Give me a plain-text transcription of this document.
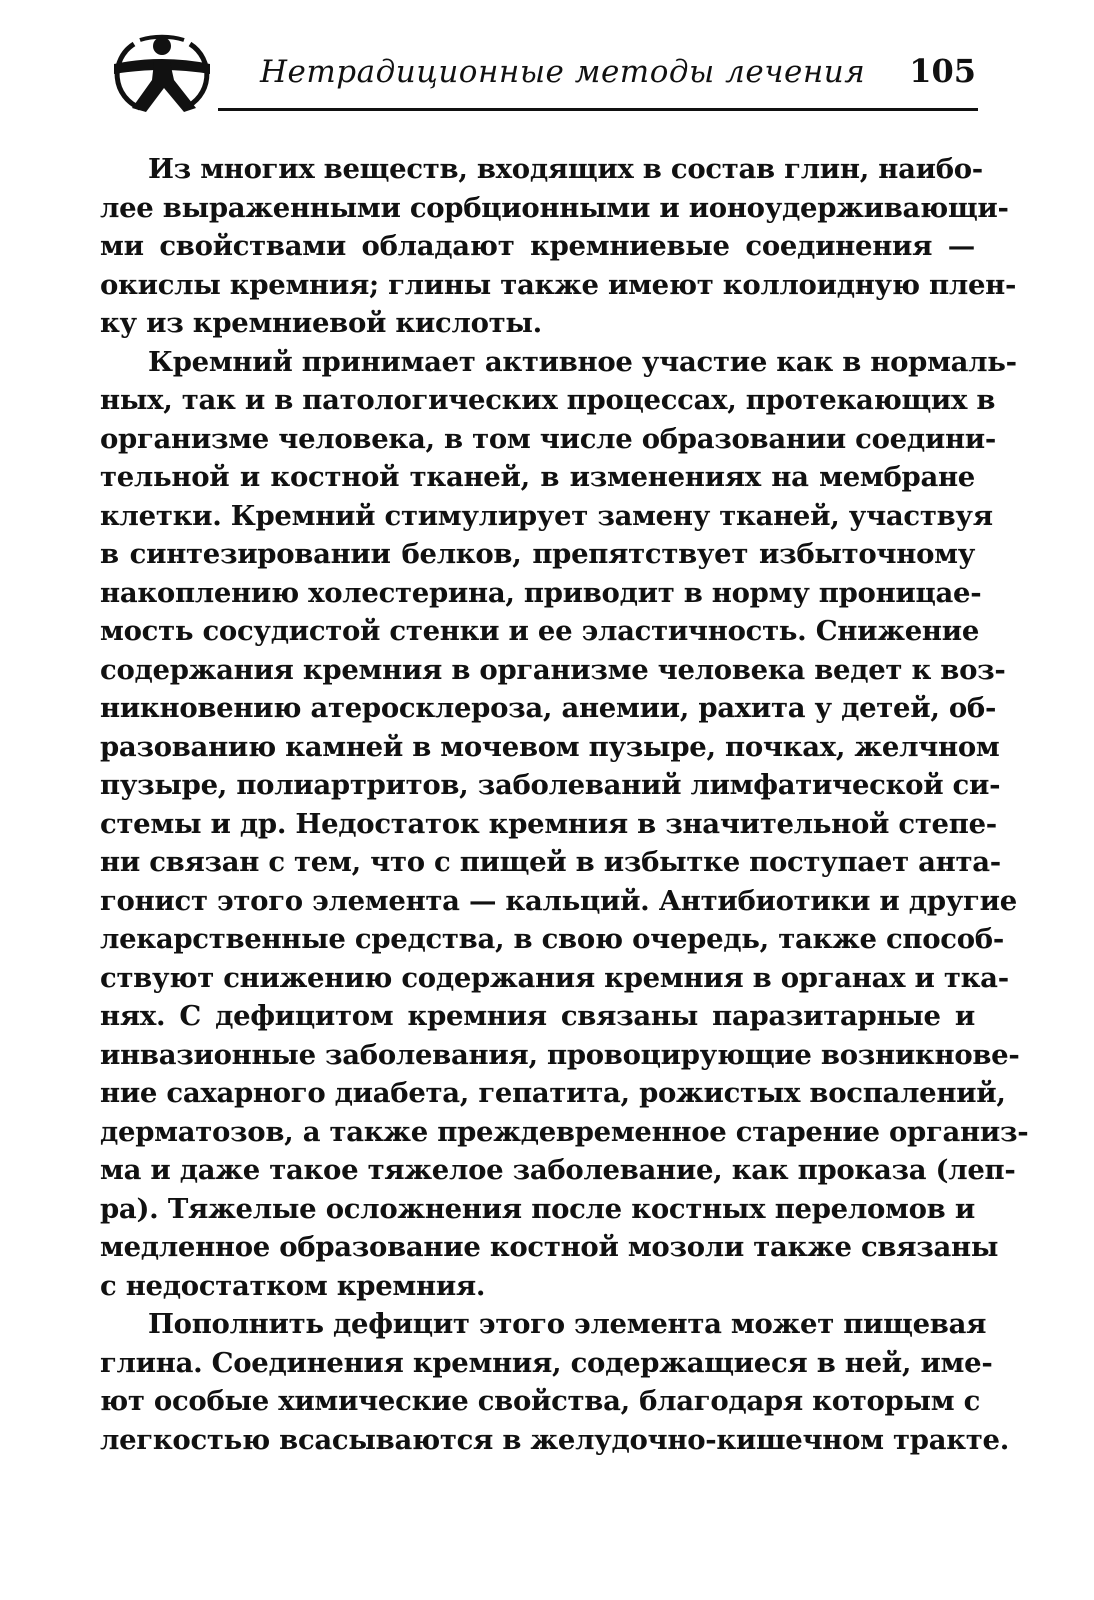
Нетрадиционные методы лечения 105
Из многих веществ, входящих в состав глин, наибо-
лее выраженными сорбционными и ионоудерживающи-
ми свойствами обладают кремниевые соединения —
окислы кремния; глины также имеют коллоидную плен-
ку из кремниевой кислоты.
Кремний принимает активное участие как в нормаль-
ных, так и в патологических процессах, протекающих в
организме человека, в том числе образовании соедини-
тельной и костной тканей, в изменениях на мембране
клетки. Кремний стимулирует замену тканей, участвуя
в синтезировании белков, препятствует избыточному
накоплению холестерина, приводит в норму проницае-
мость сосудистой стенки и ее эластичность. Снижение
содержания кремния в организме человека ведет к воз-
никновению атеросклероза, анемии, рахита у детей, об-
разованию камней в мочевом пузыре, почках, желчном
пузыре, полиартритов, заболеваний лимфатической си-
стемы и др. Недостаток кремния в значительной степе-
ни связан с тем, что с пищей в избытке поступает анта-
гонист этого элемента — кальций. Антибиотики и другие
лекарственные средства, в свою очередь, также способ-
ствуют снижению содержания кремния в органах и тка-
нях. С дефицитом кремния связаны паразитарные и
инвазионные заболевания, провоцирующие возникнове-
ние сахарного диабета, гепатита, рожистых воспалений,
дерматозов, а также преждевременное старение организ-
ма и даже такое тяжелое заболевание, как проказа (леп-
ра). Тяжелые осложнения после костных переломов и
медленное образование костной мозоли также связаны
с недостатком кремния.
Пополнить дефицит этого элемента может пищевая
глина. Соединения кремния, содержащиеся в ней, име-
ют особые химические свойства, благодаря которым с
легкостью всасываются в желудочно-кишечном тракте.
